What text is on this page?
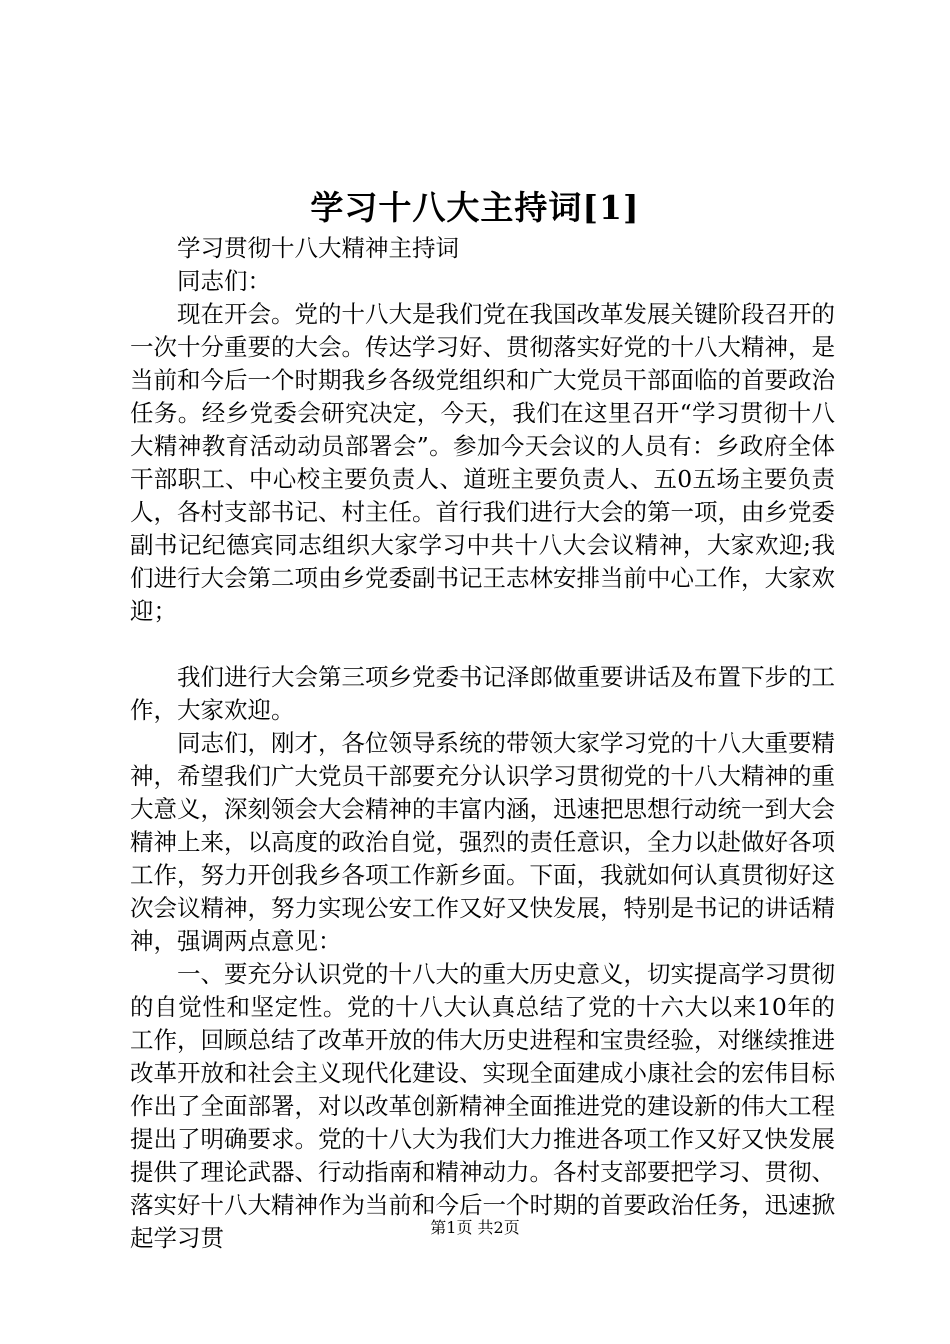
学习十八大主持词[1]

学习贯彻十八大精神主持词

同志们：

现在开会。党的十八大是我们党在我国改革发展关键阶段召开的一次十分重要的大会。传达学习好、贯彻落实好党的十八大精神，是当前和今后一个时期我乡各级党组织和广大党员干部面临的首要政治任务。经乡党委会研究决定，今天，我们在这里召开“学习贯彻十八大精神教育活动动员部署会”。参加今天会议的人员有：乡政府全体干部职工、中心校主要负责人、道班主要负责人、五0五场主要负责人，各村支部书记、村主任。首行我们进行大会的第一项，由乡党委副书记纪德宾同志组织大家学习中共十八大会议精神，大家欢迎;我们进行大会第二项由乡党委副书记王志林安排当前中心工作，大家欢迎；

我们进行大会第三项乡党委书记泽郎做重要讲话及布置下步的工作，大家欢迎。

同志们，刚才，各位领导系统的带领大家学习党的十八大重要精神，希望我们广大党员干部要充分认识学习贯彻党的十八大精神的重大意义，深刻领会大会精神的丰富内涵，迅速把思想行动统一到大会精神上来，以高度的政治自觉，强烈的责任意识，全力以赴做好各项工作，努力开创我乡各项工作新乡面。下面，我就如何认真贯彻好这次会议精神，努力实现公安工作又好又快发展，特别是书记的讲话精神，强调两点意见：

一、要充分认识党的十八大的重大历史意义，切实提高学习贯彻的自觉性和坚定性。党的十八大认真总结了党的十六大以来10年的工作，回顾总结了改革开放的伟大历史进程和宝贵经验，对继续推进改革开放和社会主义现代化建设、实现全面建成小康社会的宏伟目标作出了全面部署，对以改革创新精神全面推进党的建设新的伟大工程提出了明确要求。党的十八大为我们大力推进各项工作又好又快发展提供了理论武器、行动指南和精神动力。各村支部要把学习、贯彻、落实好十八大精神作为当前和今后一个时期的首要政治任务，迅速掀起学习贯	第1页 共2页
